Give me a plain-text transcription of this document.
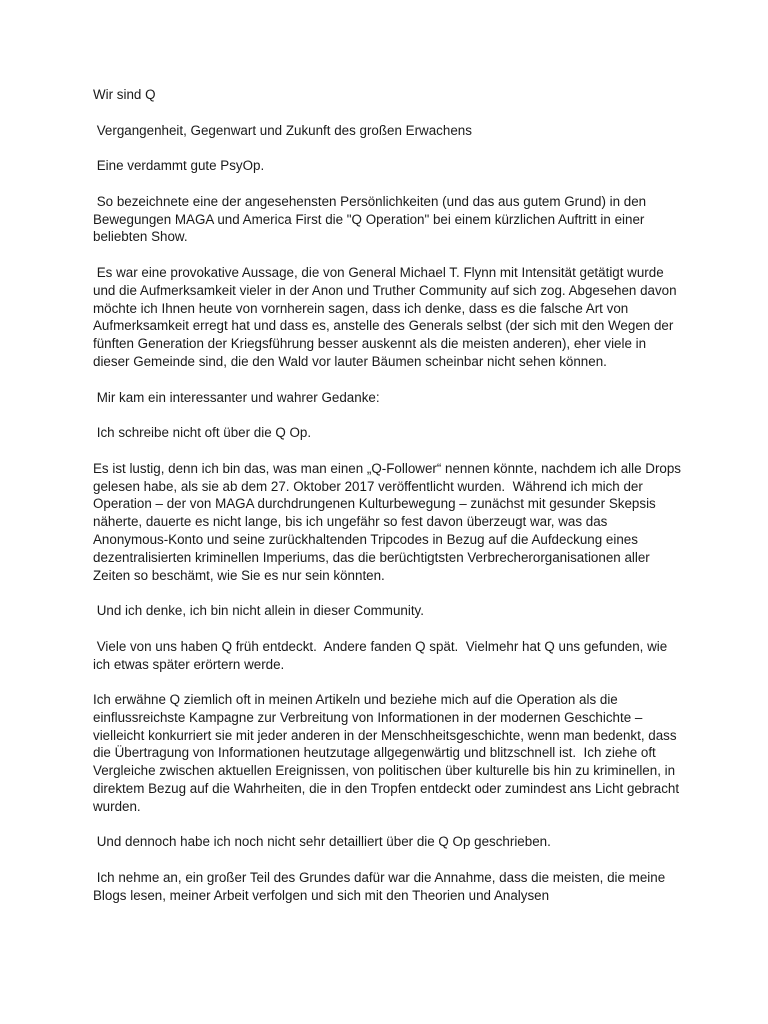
Wir sind Q

Vergangenheit, Gegenwart und Zukunft des großen Erwachens

Eine verdammt gute PsyOp.

So bezeichnete eine der angesehensten Persönlichkeiten (und das aus gutem Grund) in den Bewegungen MAGA und America First die "Q Operation" bei einem kürzlichen Auftritt in einer beliebten Show.

Es war eine provokative Aussage, die von General Michael T. Flynn mit Intensität getätigt wurde und die Aufmerksamkeit vieler in der Anon und Truther Community auf sich zog. Abgesehen davon möchte ich Ihnen heute von vornherein sagen, dass ich denke, dass es die falsche Art von Aufmerksamkeit erregt hat und dass es, anstelle des Generals selbst (der sich mit den Wegen der fünften Generation der Kriegsführung besser auskennt als die meisten anderen), eher viele in dieser Gemeinde sind, die den Wald vor lauter Bäumen scheinbar nicht sehen können.

Mir kam ein interessanter und wahrer Gedanke:

Ich schreibe nicht oft über die Q Op.

Es ist lustig, denn ich bin das, was man einen „Q-Follower“ nennen könnte, nachdem ich alle Drops gelesen habe, als sie ab dem 27. Oktober 2017 veröffentlicht wurden.  Während ich mich der Operation – der von MAGA durchdrungenen Kulturbewegung – zunächst mit gesunder Skepsis näherte, dauerte es nicht lange, bis ich ungefähr so fest davon überzeugt war, was das Anonymous-Konto und seine zurückhaltenden Tripcodes in Bezug auf die Aufdeckung eines dezentralisierten kriminellen Imperiums, das die berüchtigtsten Verbrecherorganisationen aller Zeiten so beschämt, wie Sie es nur sein könnten.

Und ich denke, ich bin nicht allein in dieser Community.

Viele von uns haben Q früh entdeckt.  Andere fanden Q spät.  Vielmehr hat Q uns gefunden, wie ich etwas später erörtern werde.

Ich erwähne Q ziemlich oft in meinen Artikeln und beziehe mich auf die Operation als die einflussreichste Kampagne zur Verbreitung von Informationen in der modernen Geschichte – vielleicht konkurriert sie mit jeder anderen in der Menschheitsgeschichte, wenn man bedenkt, dass die Übertragung von Informationen heutzutage allgegenwärtig und blitzschnell ist.  Ich ziehe oft Vergleiche zwischen aktuellen Ereignissen, von politischen über kulturelle bis hin zu kriminellen, in direktem Bezug auf die Wahrheiten, die in den Tropfen entdeckt oder zumindest ans Licht gebracht wurden.

Und dennoch habe ich noch nicht sehr detailliert über die Q Op geschrieben.

Ich nehme an, ein großer Teil des Grundes dafür war die Annahme, dass die meisten, die meine Blogs lesen, meiner Arbeit verfolgen und sich mit den Theorien und Analysen
